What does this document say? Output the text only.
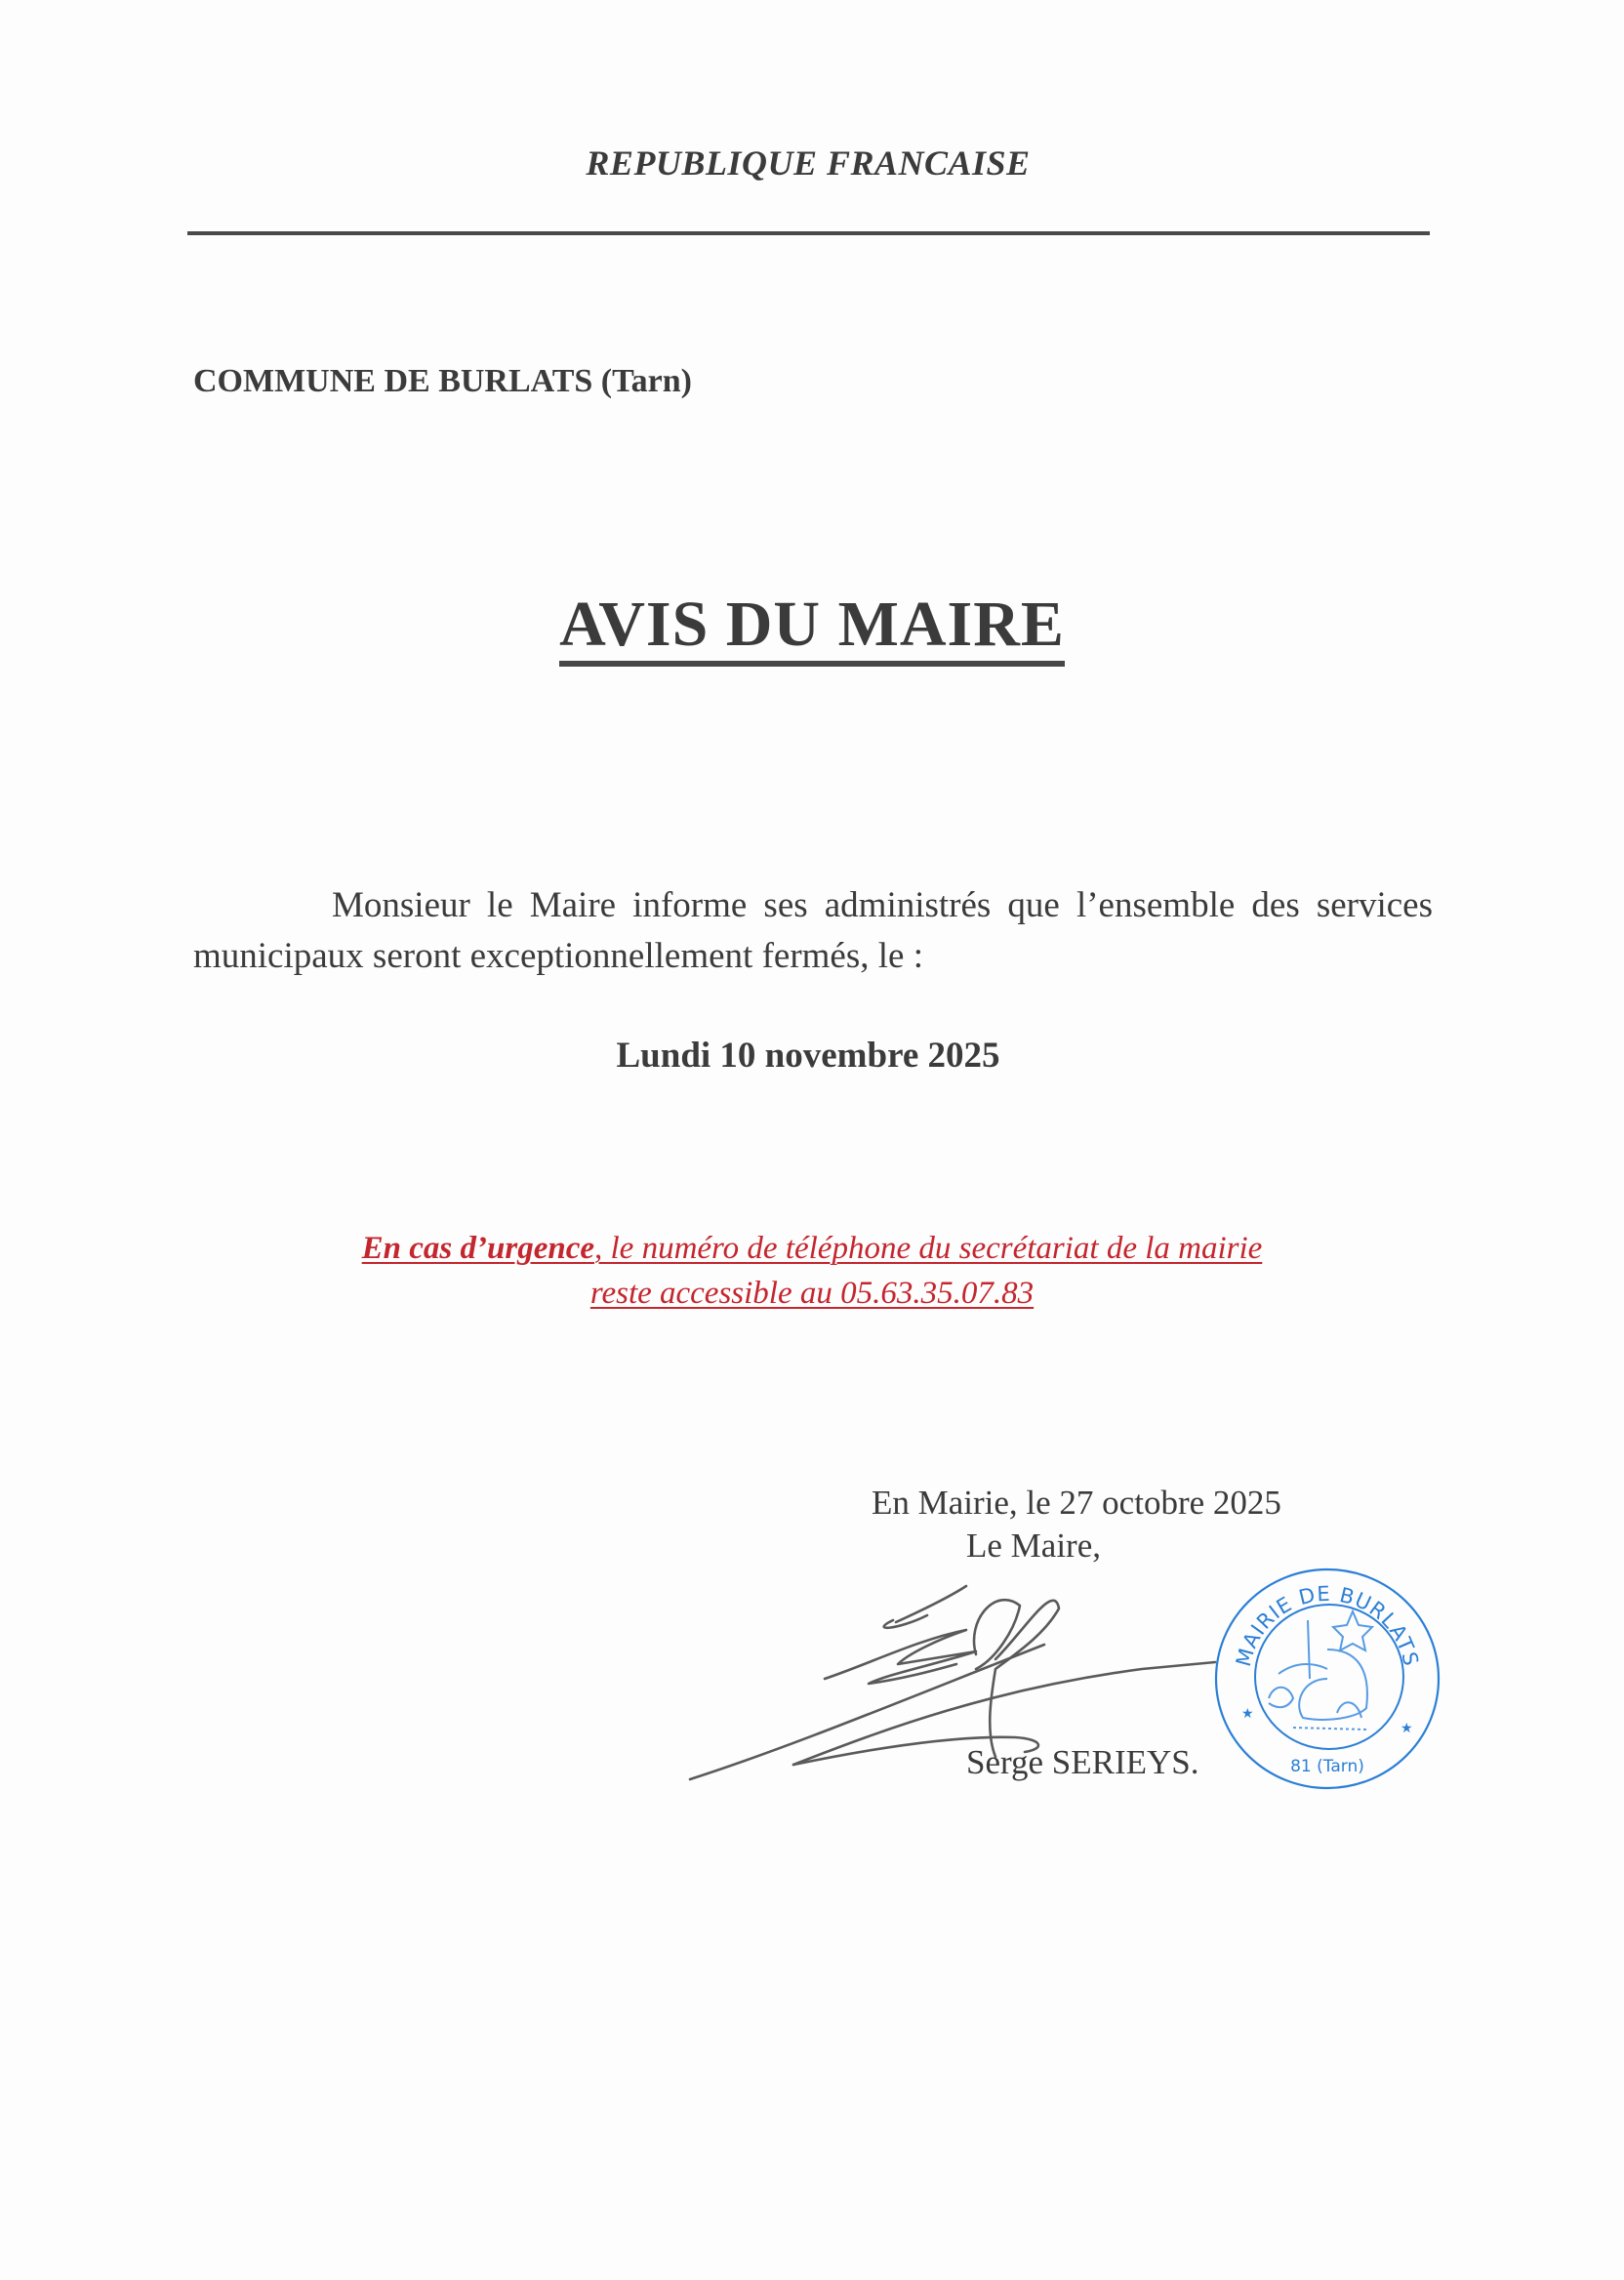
REPUBLIQUE FRANCAISE
COMMUNE DE BURLATS (Tarn)
AVIS DU MAIRE
Monsieur le Maire informe ses administrés que l’ensemble des services municipaux seront exceptionnellement fermés, le :
Lundi 10 novembre 2025
En cas d’urgence, le numéro de téléphone du secrétariat de la mairie
reste accessible au 05.63.35.07.83
En Mairie, le 27 octobre 2025
Le Maire,
MAIRIE DE BURLATS
81 (Tarn)
★
★
Serge SERIEYS.
